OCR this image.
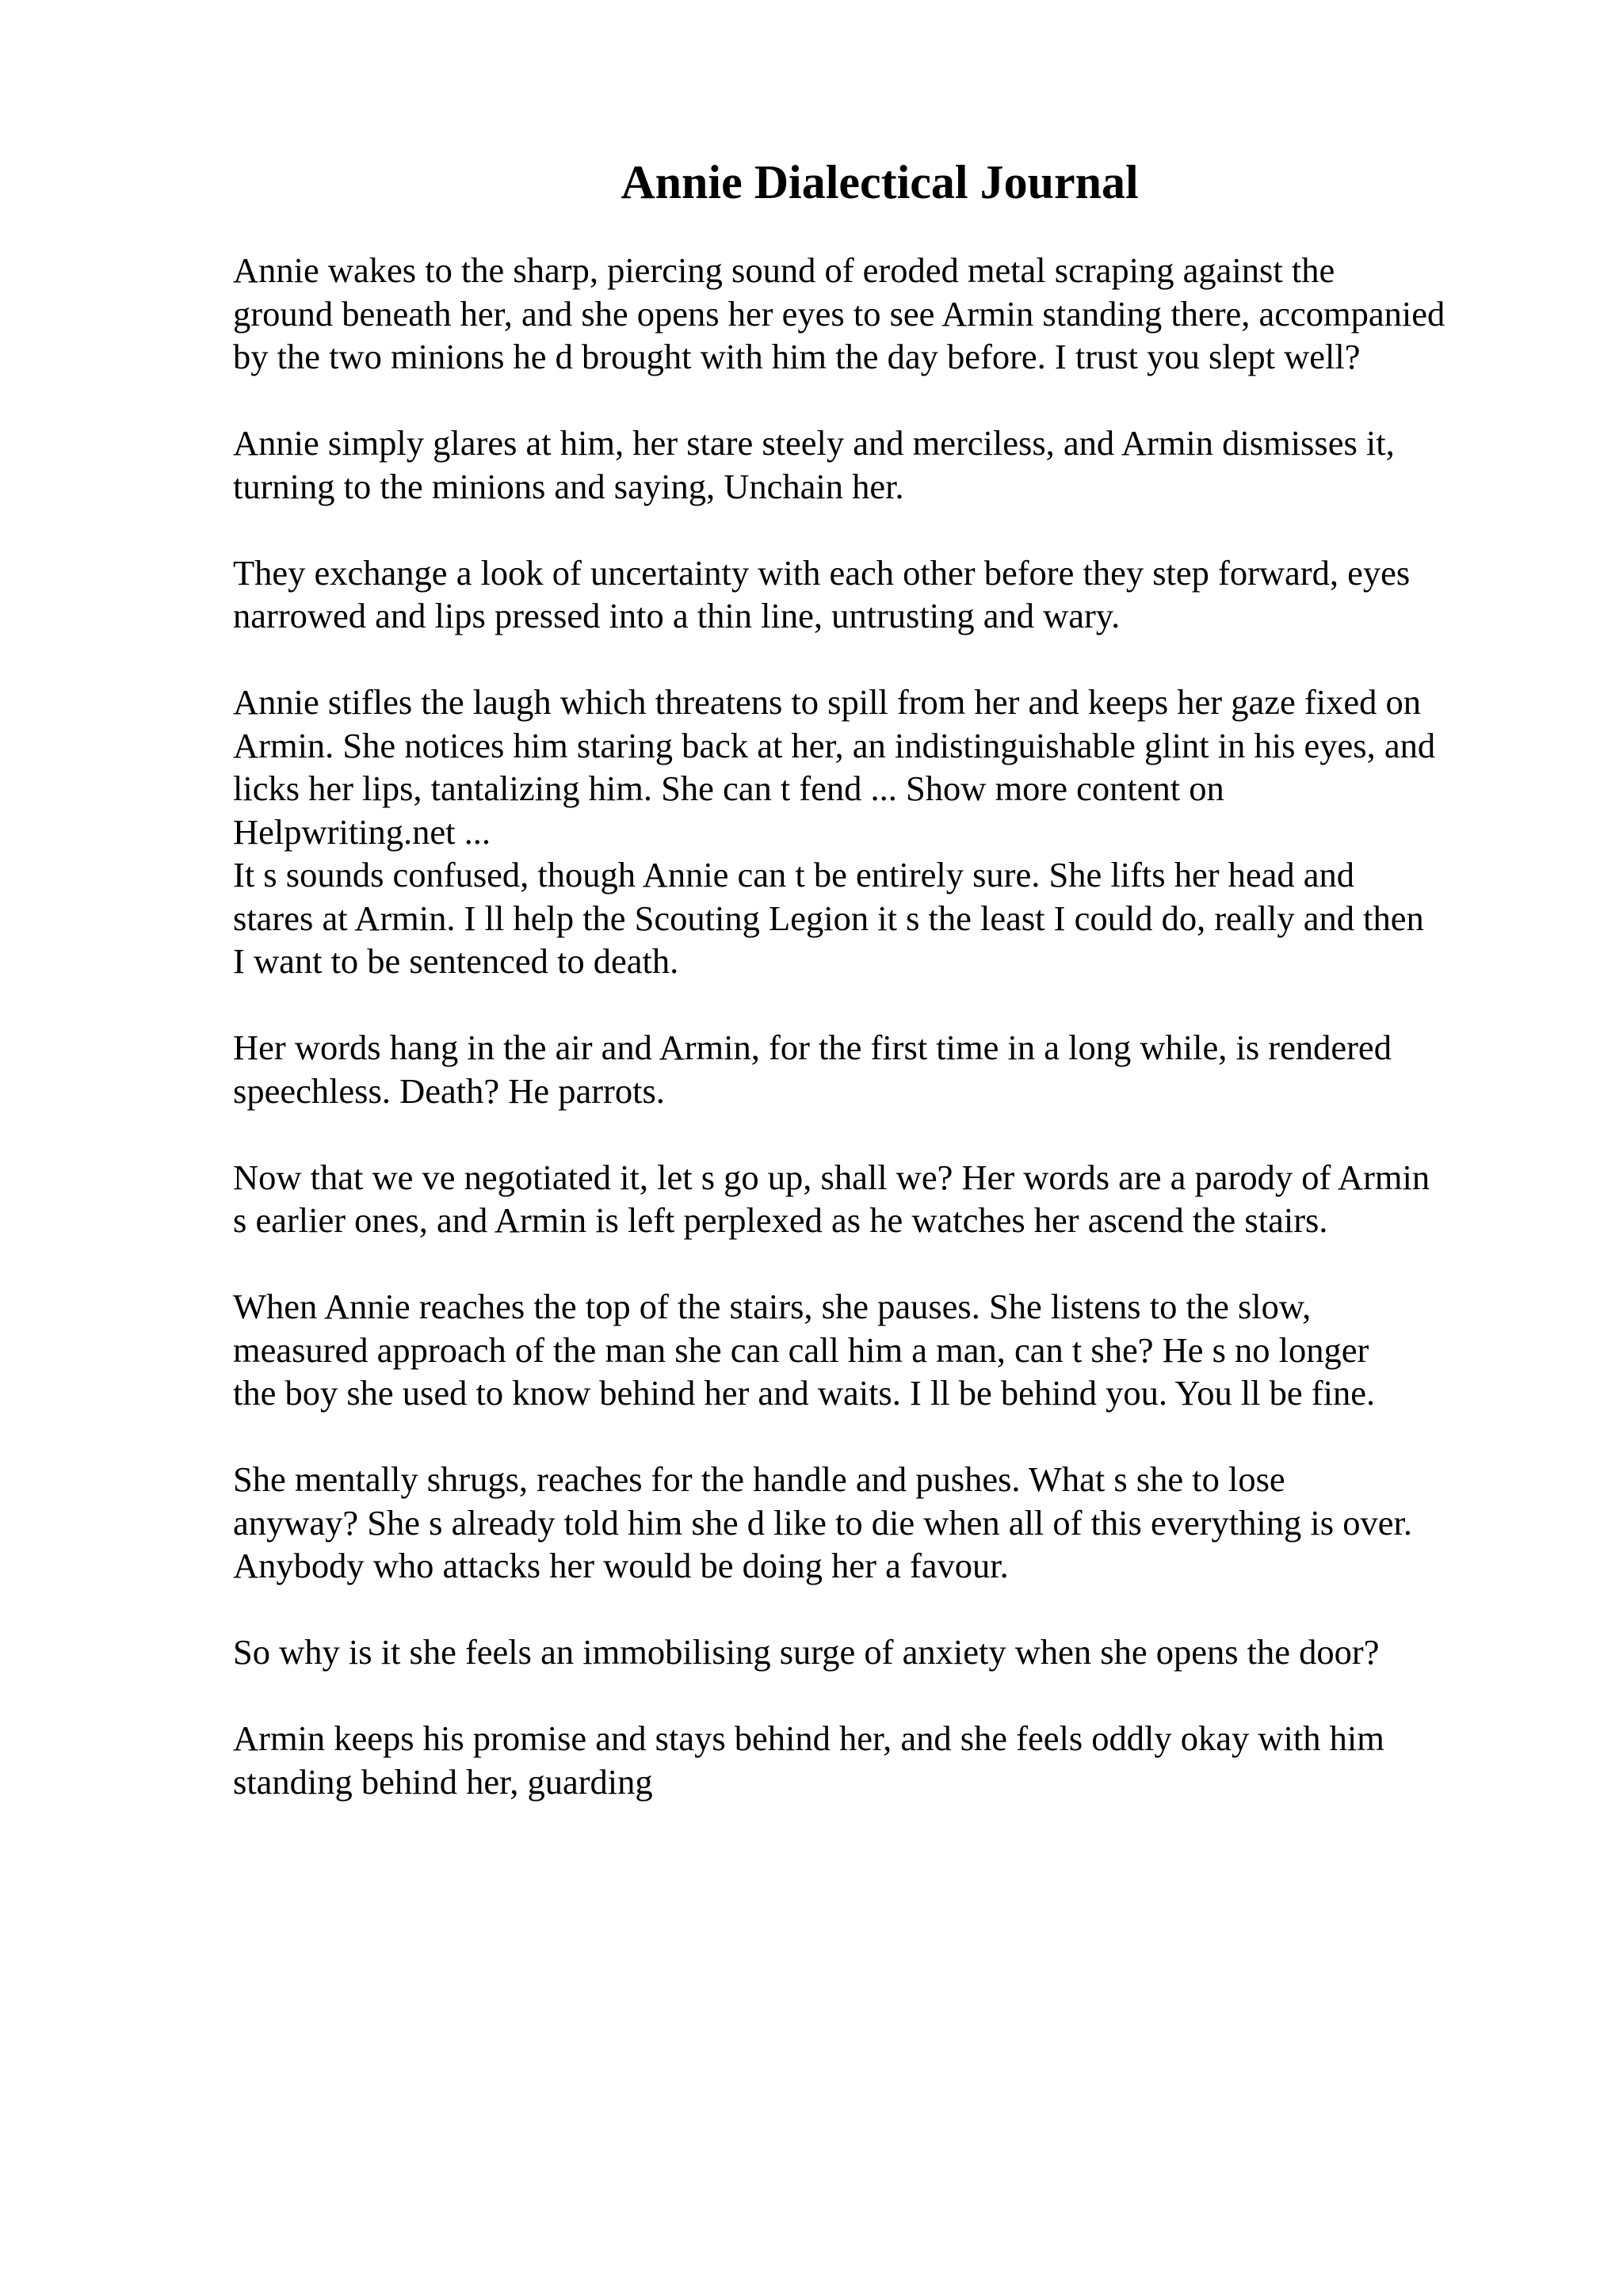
Annie Dialectical Journal

Annie wakes to the sharp, piercing sound of eroded metal scraping against the
ground beneath her, and she opens her eyes to see Armin standing there, accompanied
by the two minions he d brought with him the day before. I trust you slept well?

Annie simply glares at him, her stare steely and merciless, and Armin dismisses it,
turning to the minions and saying, Unchain her.

They exchange a look of uncertainty with each other before they step forward, eyes
narrowed and lips pressed into a thin line, untrusting and wary.

Annie stifles the laugh which threatens to spill from her and keeps her gaze fixed on
Armin. She notices him staring back at her, an indistinguishable glint in his eyes, and
licks her lips, tantalizing him. She can t fend ... Show more content on
Helpwriting.net ...

It s sounds confused, though Annie can t be entirely sure. She lifts her head and
stares at Armin. I ll help the Scouting Legion it s the least I could do, really and then
I want to be sentenced to death.

Her words hang in the air and Armin, for the first time in a long while, is rendered
speechless. Death? He parrots.

Now that we ve negotiated it, let s go up, shall we? Her words are a parody of Armin
s earlier ones, and Armin is left perplexed as he watches her ascend the stairs.

When Annie reaches the top of the stairs, she pauses. She listens to the slow,
measured approach of the man she can call him a man, can t she? He s no longer
the boy she used to know behind her and waits. I ll be behind you. You ll be fine.

She mentally shrugs, reaches for the handle and pushes. What s she to lose
anyway? She s already told him she d like to die when all of this everything is over.
Anybody who attacks her would be doing her a favour.

So why is it she feels an immobilising surge of anxiety when she opens the door?

Armin keeps his promise and stays behind her, and she feels oddly okay with him
standing behind her, guarding
